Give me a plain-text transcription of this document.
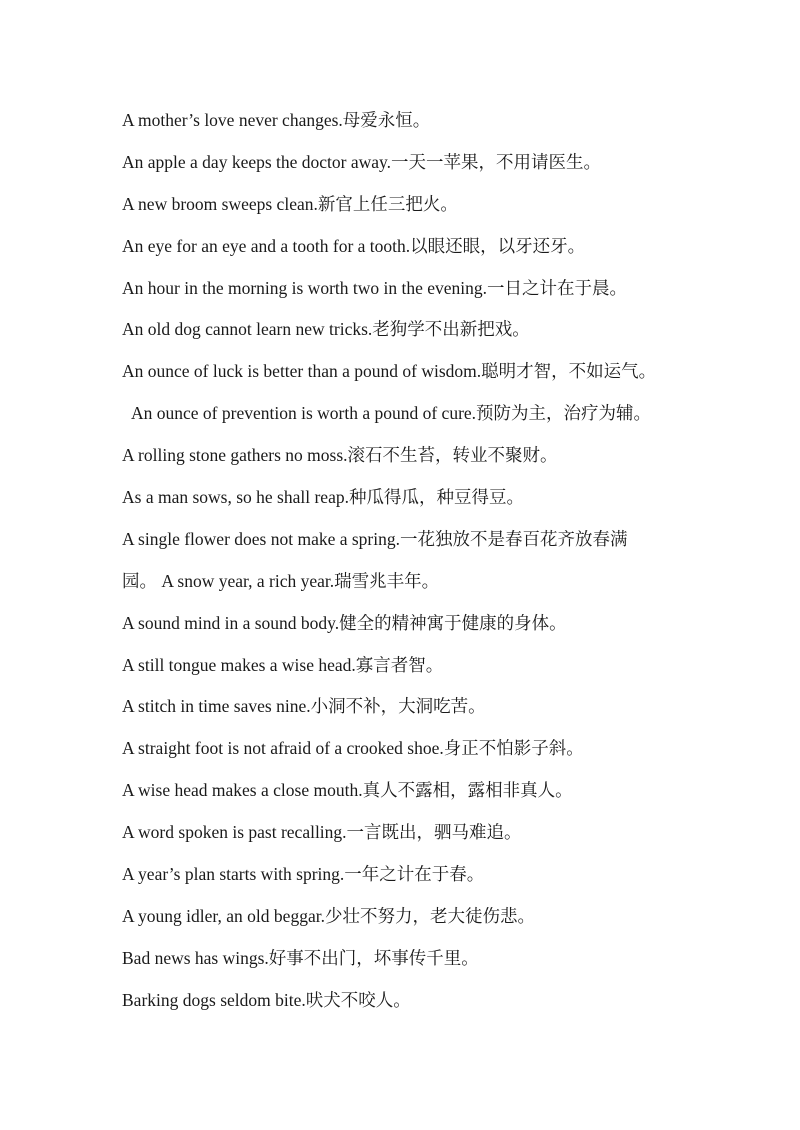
A mother’s love never changes.母爱永恒。
An apple a day keeps the doctor away.一天一苹果，不用请医生。
A new broom sweeps clean.新官上任三把火。
An eye for an eye and a tooth for a tooth.以眼还眼，以牙还牙。
An hour in the morning is worth two in the evening.一日之计在于晨。
An old dog cannot learn new tricks.老狗学不出新把戏。
An ounce of luck is better than a pound of wisdom.聪明才智，不如运气。
An ounce of prevention is worth a pound of cure.预防为主，治疗为辅。
A rolling stone gathers no moss.滚石不生苔，转业不聚财。
As a man sows, so he shall reap.种瓜得瓜，种豆得豆。
A single flower does not make a spring.一花独放不是春百花齐放春满
园。 A snow year, a rich year.瑞雪兆丰年。
A sound mind in a sound body.健全的精神寓于健康的身体。
A still tongue makes a wise head.寡言者智。
A stitch in time saves nine.小洞不补，大洞吃苦。
A straight foot is not afraid of a crooked shoe.身正不怕影子斜。
A wise head makes a close mouth.真人不露相，露相非真人。
A word spoken is past recalling.一言既出，驷马难追。
A year’s plan starts with spring.一年之计在于春。
A young idler, an old beggar.少壮不努力，老大徒伤悲。
Bad news has wings.好事不出门，坏事传千里。
Barking dogs seldom bite.吠犬不咬人。
